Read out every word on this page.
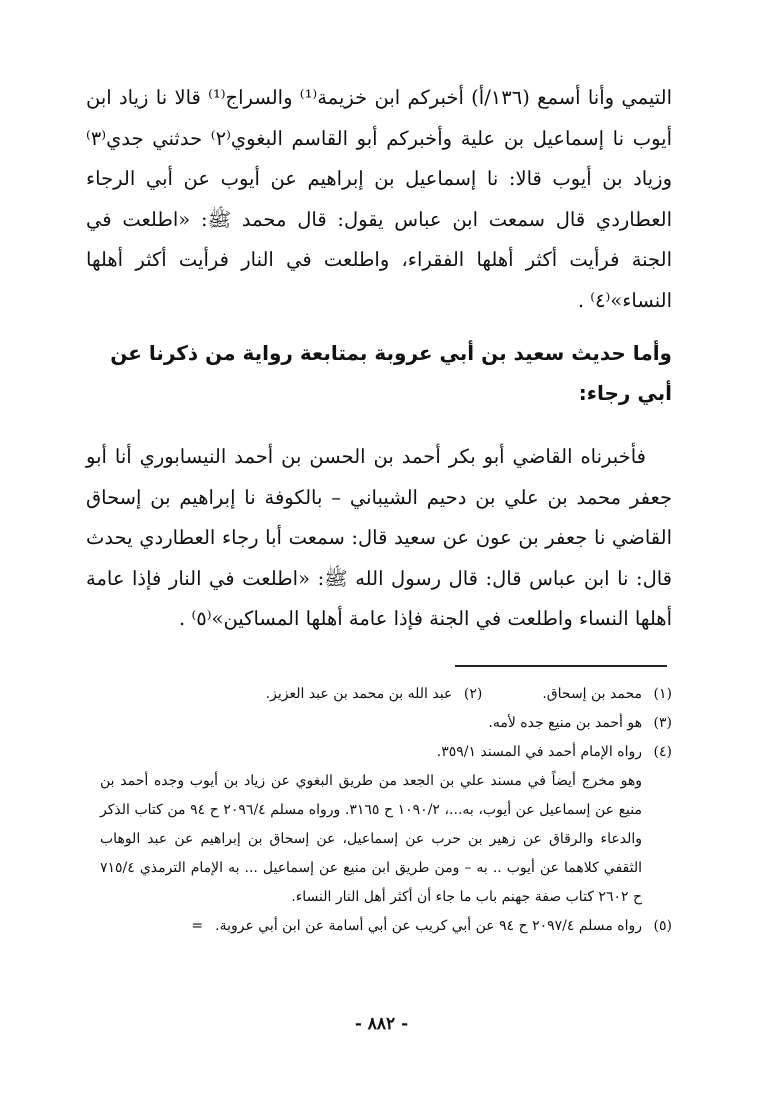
التيمي وأنا أسمع (١٣٦/أ) أخبركم ابن خزيمة⁽¹⁾ والسراج⁽¹⁾ قالا نا زياد ابن أيوب نا إسماعيل بن علية وأخبركم أبو القاسم البغوي⁽٢⁾ حدثني جدي⁽٣⁾ وزياد بن أيوب قالا: نا إسماعيل بن إبراهيم عن أيوب عن أبي الرجاء العطاردي قال سمعت ابن عباس يقول: قال محمد ﷺ: «اطلعت في الجنة فرأيت أكثر أهلها الفقراء، واطلعت في النار فرأيت أكثر أهلها النساء»⁽٤⁾ .

وأما حديث سعيد بن أبي عروبة بمتابعة رواية من ذكرنا عن أبي رجاء:

فأخبرناه القاضي أبو بكر أحمد بن الحسن بن أحمد النيسابوري أنا أبو جعفر محمد بن علي بن دحيم الشيباني – بالكوفة نا إبراهيم بن إسحاق القاضي نا جعفر بن عون عن سعيد قال: سمعت أبا رجاء العطاردي يحدث قال: نا ابن عباس قال: قال رسول الله ﷺ: «اطلعت في النار فإذا عامة أهلها النساء واطلعت في الجنة فإذا عامة أهلها المساكين»⁽٥⁾ .

(١)
محمد بن إسحاق.
(٢)
عبد الله بن محمد بن عبد العزيز.
(٣)
هو أحمد بن منيع جده لأمه.
(٤)
رواه الإمام أحمد في المسند ٣٥٩/١.
وهو مخرج أيضاً في مسند علي بن الجعد من طريق البغوي عن زياد بن أيوب وجده أحمد بن منيع عن إسماعيل عن أيوب، به...، ١٠٩٠/٢ ح ٣١٦٥. ورواه مسلم ٢٠٩٦/٤ ح ٩٤ من كتاب الذكر والدعاء والرقاق عن زهير بن حرب عن إسماعيل، عن إسحاق بن إبراهيم عن عبد الوهاب الثقفي كلاهما عن أيوب .. به – ومن طريق ابن منيع عن إسماعيل ... به الإمام الترمذي ٧١٥/٤ ح ٢٦٠٢ كتاب صفة جهنم باب ما جاء أن أكثر أهل النار النساء.
(٥)
رواه مسلم ٢٠٩٧/٤ ح ٩٤ عن أبي كريب عن أبي أسامة عن ابن أبي عروبة.
=
- ٨٨٢ -
